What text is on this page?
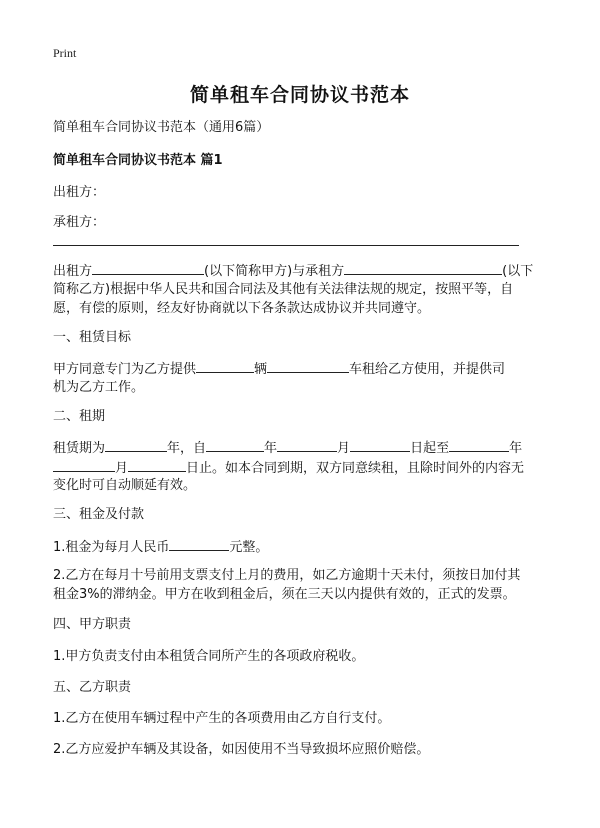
Print
简单租车合同协议书范本
简单租车合同协议书范本（通用6篇）
简单租车合同协议书范本 篇1
出租方：
承租方：
出租方	(以下简称甲方)与承租方	(以下
简称乙方)根据中华人民共和国合同法及其他有关法律法规的规定，按照平等，自
愿，有偿的原则，经友好协商就以下各条款达成协议并共同遵守。
一、租赁目标
甲方同意专门为乙方提供	辆	车租给乙方使用，并提供司
机为乙方工作。
二、租期
租赁期为	年，自	年	月	日起至	年
月	日止。如本合同到期，双方同意续租，且除时间外的内容无
变化时可自动顺延有效。
三、租金及付款
1.租金为每月人民币	元整。
2.乙方在每月十号前用支票支付上月的费用，如乙方逾期十天未付，须按日加付其
租金3%的滞纳金。甲方在收到租金后，须在三天以内提供有效的，正式的发票。
四、甲方职责
1.甲方负责支付由本租赁合同所产生的各项政府税收。
五、乙方职责
1.乙方在使用车辆过程中产生的各项费用由乙方自行支付。
2.乙方应爱护车辆及其设备，如因使用不当导致损坏应照价赔偿。
